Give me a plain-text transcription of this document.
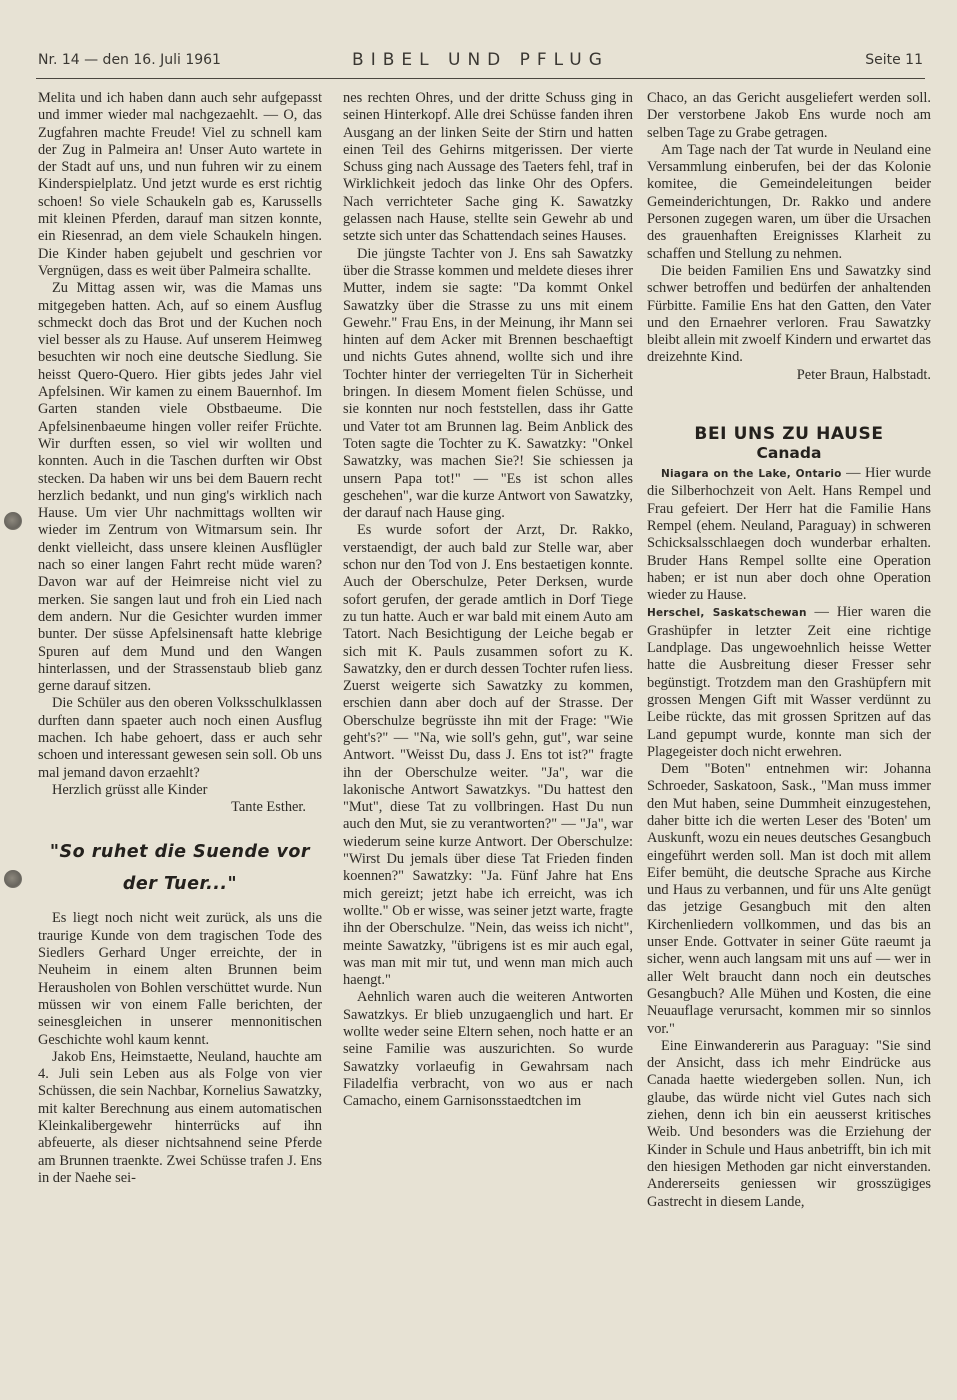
Nr. 14 — den 16. Juli 1961	BIBEL UND PFLUG	Seite 11

Melita und ich haben dann auch sehr aufgepasst und immer wieder mal nachgezaehlt. — O, das Zugfahren machte Freude! Viel zu schnell kam der Zug in Palmeira an! Unser Auto wartete in der Stadt auf uns, und nun fuhren wir zu einem Kinderspielplatz. Und jetzt wurde es erst richtig schoen! So viele Schaukeln gab es, Karussells mit kleinen Pferden, darauf man sitzen konnte, ein Riesenrad, an dem viele Schaukeln hingen. Die Kinder haben gejubelt und geschrien vor Vergnügen, dass es weit über Palmeira schallte.

Zu Mittag assen wir, was die Mamas uns mitgegeben hatten. Ach, auf so einem Ausflug schmeckt doch das Brot und der Kuchen noch viel besser als zu Hause. Auf unserem Heimweg besuchten wir noch eine deutsche Siedlung. Sie heisst Quero-Quero. Hier gibts jedes Jahr viel Apfelsinen. Wir kamen zu einem Bauernhof. Im Garten standen viele Obstbaeume. Die Apfelsinenbaeume hingen voller reifer Früchte. Wir durften essen, so viel wir wollten und konnten. Auch in die Taschen durften wir Obst stecken. Da haben wir uns bei dem Bauern recht herzlich bedankt, und nun ging's wirklich nach Hause. Um vier Uhr nachmittags wollten wir wieder im Zentrum von Witmarsum sein. Ihr denkt vielleicht, dass unsere kleinen Ausflügler nach so einer langen Fahrt recht müde waren? Davon war auf der Heimreise nicht viel zu merken. Sie sangen laut und froh ein Lied nach dem andern. Nur die Gesichter wurden immer bunter. Der süsse Apfelsinensaft hatte klebrige Spuren auf dem Mund und den Wangen hinterlassen, und der Strassenstaub blieb ganz gerne darauf sitzen.

Die Schüler aus den oberen Volksschulklassen durften dann spaeter auch noch einen Ausflug machen. Ich habe gehoert, dass er auch sehr schoen und interessant gewesen sein soll. Ob uns mal jemand davon erzaehlt?

Herzlich grüsst alle Kinder

Tante Esther.

"So ruhet die Suende vor der Tuer..."

Es liegt noch nicht weit zurück, als uns die traurige Kunde von dem tragischen Tode des Siedlers Gerhard Unger erreichte, der in Neuheim in einem alten Brunnen beim Herausholen von Bohlen verschüttet wurde. Nun müssen wir von einem Falle berichten, der seinesgleichen in unserer mennonitischen Geschichte wohl kaum kennt.

Jakob Ens, Heimstaette, Neuland, hauchte am 4. Juli sein Leben aus als Folge von vier Schüssen, die sein Nachbar, Kornelius Sawatzky, mit kalter Berechnung aus einem automatischen Kleinkalibergewehr hinterrücks auf ihn abfeuerte, als dieser nichtsahnend seine Pferde am Brunnen traenkte. Zwei Schüsse trafen J. Ens in der Naehe sei-

nes rechten Ohres, und der dritte Schuss ging in seinen Hinterkopf. Alle drei Schüsse fanden ihren Ausgang an der linken Seite der Stirn und hatten einen Teil des Gehirns mitgerissen. Der vierte Schuss ging nach Aussage des Taeters fehl, traf in Wirklichkeit jedoch das linke Ohr des Opfers. Nach verrichteter Sache ging K. Sawatzky gelassen nach Hause, stellte sein Gewehr ab und setzte sich unter das Schattendach seines Hauses.

Die jüngste Tachter von J. Ens sah Sawatzky über die Strasse kommen und meldete dieses ihrer Mutter, indem sie sagte: "Da kommt Onkel Sawatzky über die Strasse zu uns mit einem Gewehr." Frau Ens, in der Meinung, ihr Mann sei hinten auf dem Acker mit Brennen beschaeftigt und nichts Gutes ahnend, wollte sich und ihre Tochter hinter der verriegelten Tür in Sicherheit bringen. In diesem Moment fielen Schüsse, und sie konnten nur noch feststellen, dass ihr Gatte und Vater tot am Brunnen lag. Beim Anblick des Toten sagte die Tochter zu K. Sawatzky: "Onkel Sawatzky, was machen Sie?! Sie schiessen ja unsern Papa tot!" — "Es ist schon alles geschehen", war die kurze Antwort von Sawatzky, der darauf nach Hause ging.

Es wurde sofort der Arzt, Dr. Rakko, verstaendigt, der auch bald zur Stelle war, aber schon nur den Tod von J. Ens bestaetigen konnte. Auch der Oberschulze, Peter Derksen, wurde sofort gerufen, der gerade amtlich in Dorf Tiege zu tun hatte. Auch er war bald mit einem Auto am Tatort. Nach Besichtigung der Leiche begab er sich mit K. Pauls zusammen sofort zu K. Sawatzky, den er durch dessen Tochter rufen liess. Zuerst weigerte sich Sawatzky zu kommen, erschien dann aber doch auf der Strasse. Der Oberschulze begrüsste ihn mit der Frage: "Wie geht's?" — "Na, wie soll's gehn, gut", war seine Antwort. "Weisst Du, dass J. Ens tot ist?" fragte ihn der Oberschulze weiter. "Ja", war die lakonische Antwort Sawatzkys. "Du hattest den "Mut", diese Tat zu vollbringen. Hast Du nun auch den Mut, sie zu verantworten?" — "Ja", war wiederum seine kurze Antwort. Der Oberschulze: "Wirst Du jemals über diese Tat Frieden finden koennen?" Sawatzky: "Ja. Fünf Jahre hat Ens mich gereizt; jetzt habe ich erreicht, was ich wollte." Ob er wisse, was seiner jetzt warte, fragte ihn der Oberschulze. "Nein, das weiss ich nicht", meinte Sawatzky, "übrigens ist es mir auch egal, was man mit mir tut, und wenn man mich auch haengt."

Aehnlich waren auch die weiteren Antworten Sawatzkys. Er blieb unzugaenglich und hart. Er wollte weder seine Eltern sehen, noch hatte er an seine Familie was auszurichten. So wurde Sawatzky vorlaeufig in Gewahrsam nach Filadelfia verbracht, von wo aus er nach Camacho, einem Garnisonsstaedtchen im

Chaco, an das Gericht ausgeliefert werden soll. Der verstorbene Jakob Ens wurde noch am selben Tage zu Grabe getragen.

Am Tage nach der Tat wurde in Neuland eine Versammlung einberufen, bei der das Kolonie komitee, die Gemeindeleitungen beider Gemeinderichtungen, Dr. Rakko und andere Personen zugegen waren, um über die Ursachen des grauenhaften Ereignisses Klarheit zu schaffen und Stellung zu nehmen.

Die beiden Familien Ens und Sawatzky sind schwer betroffen und bedürfen der anhaltenden Fürbitte. Familie Ens hat den Gatten, den Vater und den Ernaehrer verloren. Frau Sawatzky bleibt allein mit zwoelf Kindern und erwartet das dreizehnte Kind.

Peter Braun, Halbstadt.

BEI UNS ZU HAUSE
Canada

Niagara on the Lake, Ontario — Hier wurde die Silberhochzeit von Aelt. Hans Rempel und Frau gefeiert. Der Herr hat die Familie Hans Rempel (ehem. Neuland, Paraguay) in schweren Schicksalsschlaegen doch wunderbar erhalten. Bruder Hans Rempel sollte eine Operation haben; er ist nun aber doch ohne Operation wieder zu Hause.

Herschel, Saskatschewan — Hier waren die Grashüpfer in letzter Zeit eine richtige Landplage. Das ungewoehnlich heisse Wetter hatte die Ausbreitung dieser Fresser sehr begünstigt. Trotzdem man den Grashüpfern mit grossen Mengen Gift mit Wasser verdünnt zu Leibe rückte, das mit grossen Spritzen auf das Land gepumpt wurde, konnte man sich der Plagegeister doch nicht erwehren.

Dem "Boten" entnehmen wir: Johanna Schroeder, Saskatoon, Sask., "Man muss immer den Mut haben, seine Dummheit einzugestehen, daher bitte ich die werten Leser des 'Boten' um Auskunft, wozu ein neues deutsches Gesangbuch eingeführt werden soll. Man ist doch mit allem Eifer bemüht, die deutsche Sprache aus Kirche und Haus zu verbannen, und für uns Alte genügt das jetzige Gesangbuch mit den alten Kirchenliedern vollkommen, und das bis an unser Ende. Gottvater in seiner Güte raeumt ja sicher, wenn auch langsam mit uns auf — wer in aller Welt braucht dann noch ein deutsches Gesangbuch? Alle Mühen und Kosten, die eine Neuauflage verursacht, kommen mir so sinnlos vor."

Eine Einwandererin aus Paraguay: "Sie sind der Ansicht, dass ich mehr Eindrücke aus Canada haette wiedergeben sollen. Nun, ich glaube, das würde nicht viel Gutes nach sich ziehen, denn ich bin ein aeusserst kritisches Weib. Und besonders was die Erziehung der Kinder in Schule und Haus anbetrifft, bin ich mit den hiesigen Methoden gar nicht einverstanden. Andererseits geniessen wir grosszügiges Gastrecht in diesem Lande,
